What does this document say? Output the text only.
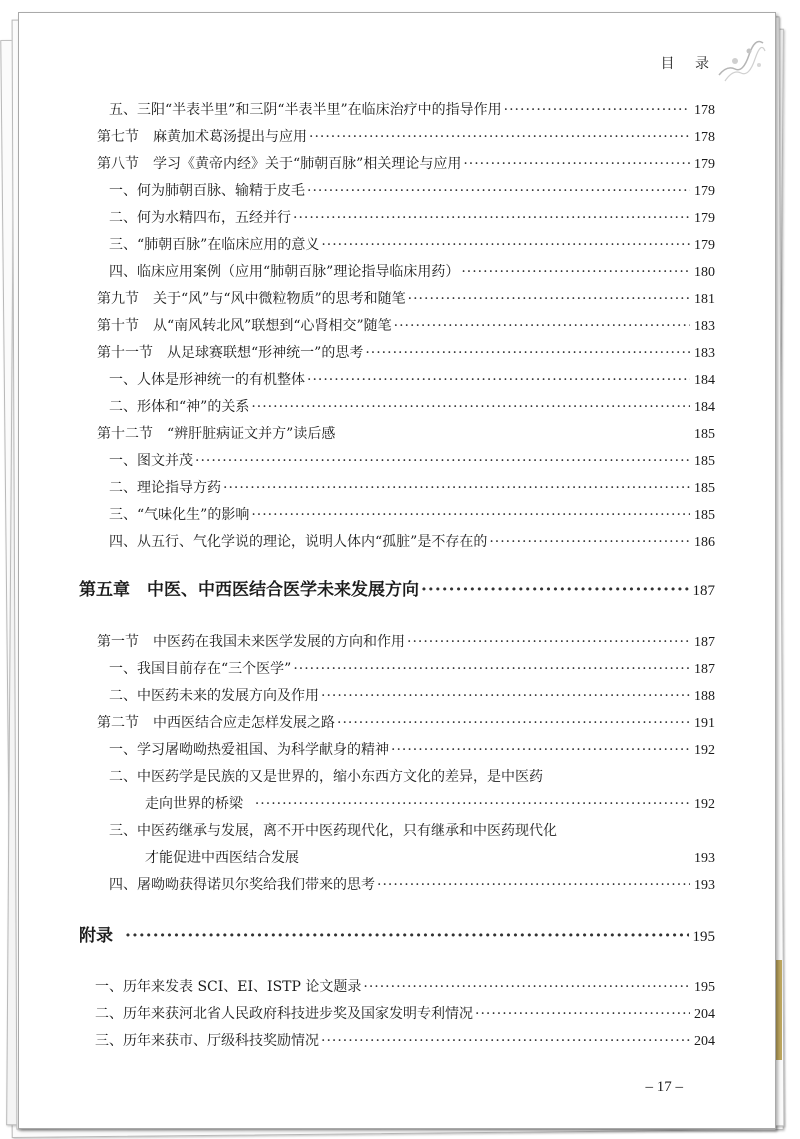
目 录
五、三阳“半表半里”和三阴“半表半里”在临床治疗中的指导作用 ·····	178
第七节　麻黄加术葛汤提出与应用 ·····	178
第八节　学习《黄帝内经》关于“肺朝百脉”相关理论与应用 ·····	179
一、何为肺朝百脉、输精于皮毛 ·····	179
二、何为水精四布，五经并行 ·····	179
三、“肺朝百脉”在临床应用的意义 ·····	179
四、临床应用案例（应用“肺朝百脉”理论指导临床用药） ·····	180
第九节　关于“风”与“风中微粒物质”的思考和随笔 ·····	181
第十节　从“南风转北风”联想到“心肾相交”随笔 ·····	183
第十一节　从足球赛联想“形神统一”的思考 ·····	183
一、人体是形神统一的有机整体 ·····	184
二、形体和“神”的关系 ·····	184
第十二节　“辨肝脏病证文并方”读后感	185
一、图文并茂 ·····	185
二、理论指导方药 ·····	185
三、“气味化生”的影响 ·····	185
四、从五行、气化学说的理论，说明人体内“孤脏”是不存在的 ·····	186
第五章　中医、中西医结合医学未来发展方向 ·····	187
第一节　中医药在我国未来医学发展的方向和作用 ·····	187
一、我国目前存在“三个医学” ·····	187
二、中医药未来的发展方向及作用 ·····	188
第二节　中西医结合应走怎样发展之路 ·····	191
一、学习屠呦呦热爱祖国、为科学献身的精神 ·····	192
二、中医药学是民族的又是世界的，缩小东西方文化的差异，是中医药
走向世界的桥梁 ·····	192
三、中医药继承与发展，离不开中医药现代化，只有继承和中医药现代化
才能促进中西医结合发展	193
四、屠呦呦获得诺贝尔奖给我们带来的思考 ·····	193
附录 ·····	195
一、历年来发表 SCI、EI、ISTP 论文题录 ·····	195
二、历年来获河北省人民政府科技进步奖及国家发明专利情况 ·····	204
三、历年来获市、厅级科技奖励情况 ·····	204
– 17 –
